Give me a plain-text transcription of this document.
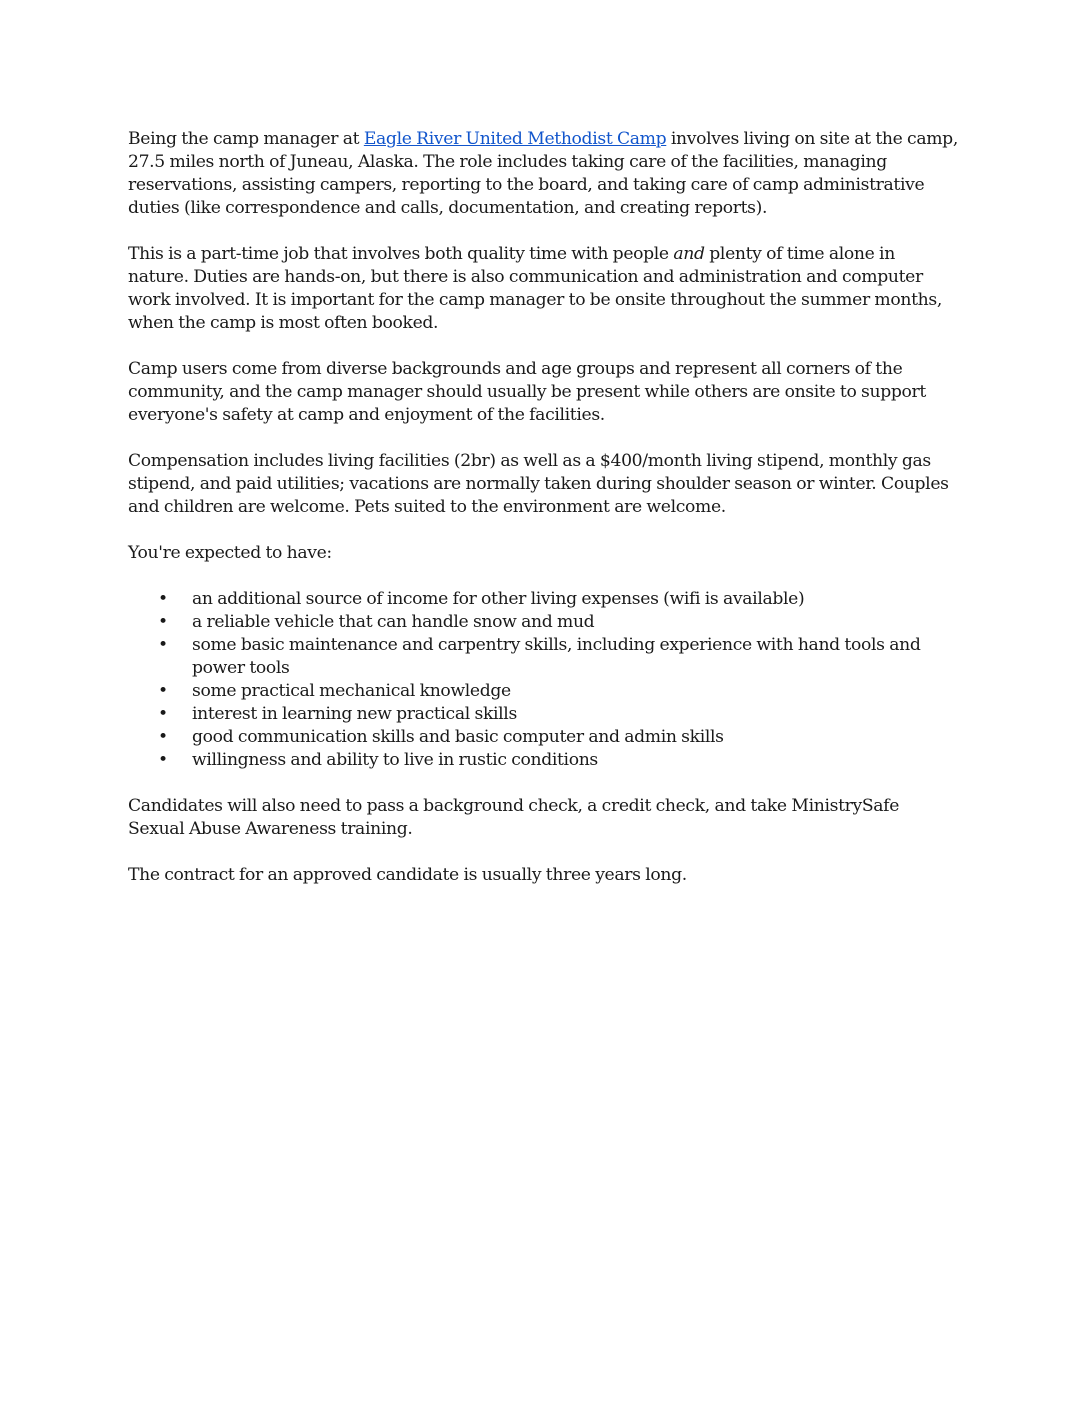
Being the camp manager at Eagle River United Methodist Camp involves living on site at the camp, 27.5 miles north of Juneau, Alaska. The role includes taking care of the facilities, managing reservations, assisting campers, reporting to the board, and taking care of camp administrative duties (like correspondence and calls, documentation, and creating reports).

This is a part-time job that involves both quality time with people and plenty of time alone in nature. Duties are hands-on, but there is also communication and administration and computer work involved. It is important for the camp manager to be onsite throughout the summer months, when the camp is most often booked.

Camp users come from diverse backgrounds and age groups and represent all corners of the community, and the camp manager should usually be present while others are onsite to support everyone's safety at camp and enjoyment of the facilities.

Compensation includes living facilities (2br) as well as a $400/month living stipend, monthly gas stipend, and paid utilities; vacations are normally taken during shoulder season or winter. Couples and children are welcome. Pets suited to the environment are welcome.

You're expected to have:

• an additional source of income for other living expenses (wifi is available)
• a reliable vehicle that can handle snow and mud
• some basic maintenance and carpentry skills, including experience with hand tools and power tools
• some practical mechanical knowledge
• interest in learning new practical skills
• good communication skills and basic computer and admin skills
• willingness and ability to live in rustic conditions

Candidates will also need to pass a background check, a credit check, and take MinistrySafe Sexual Abuse Awareness training.

The contract for an approved candidate is usually three years long.
